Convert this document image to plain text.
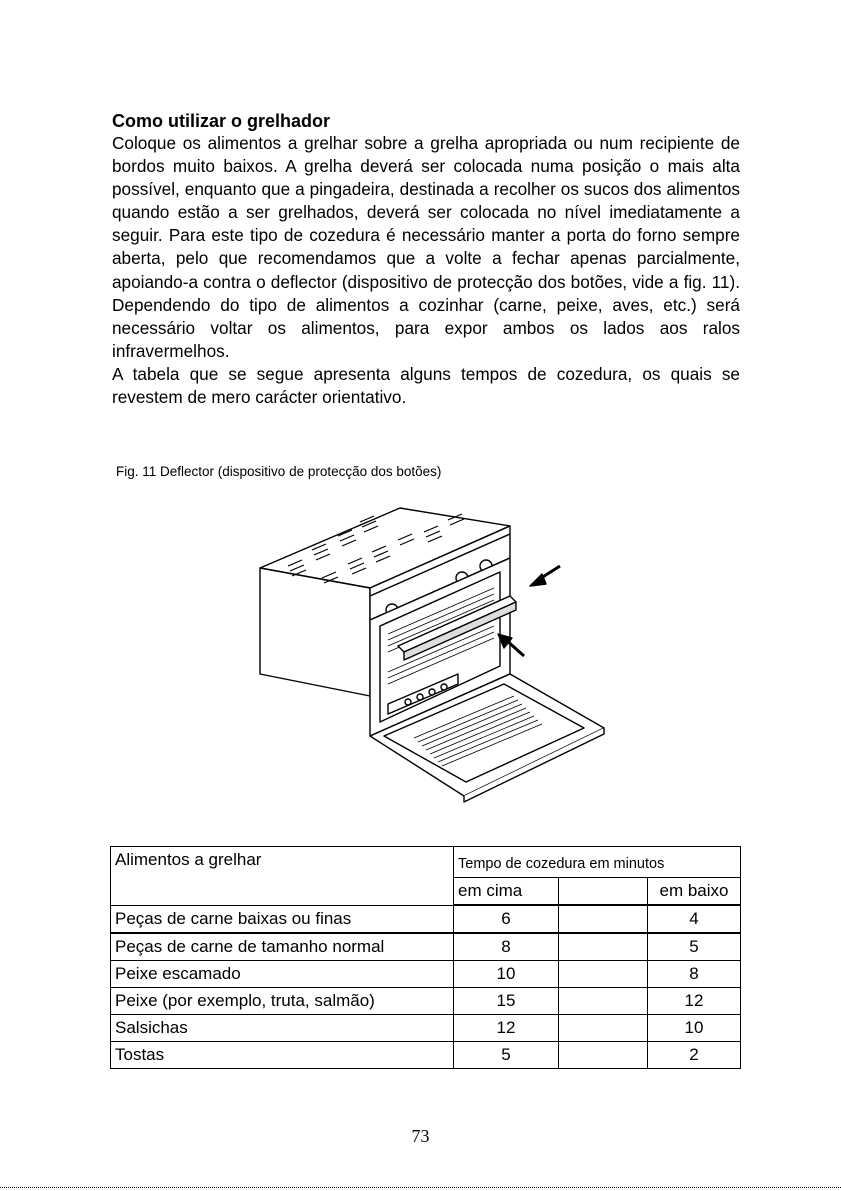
Como utilizar o grelhador

Coloque os alimentos a grelhar sobre a grelha apropriada ou num recipiente de bordos muito baixos. A grelha deverá ser colocada numa posição o mais alta possível, enquanto que a pingadeira, destinada a recolher os sucos dos alimentos quando estão a ser grelhados, deverá ser colocada no nível imediatamente a seguir. Para este tipo de cozedura é necessário manter a porta do forno sempre aberta, pelo que recomendamos que a volte a fechar apenas parcialmente, apoiando-a contra o deflector (dispositivo de protecção dos botões, vide a fig. 11). Dependendo do tipo de alimentos a cozinhar (carne, peixe, aves, etc.) será necessário voltar os alimentos, para expor ambos os lados aos ralos infravermelhos.

A tabela que se segue apresenta alguns tempos de cozedura, os quais se revestem de mero carácter orientativo.

Fig. 11 Deflector (dispositivo de protecção dos botões)
Alimentos a grelhar	Tempo de cozedura em minutos		
	em cima		em baixo
Peças de carne baixas ou finas	6		4
Peças de carne de tamanho normal	8		5
Peixe escamado	10		8
Peixe (por exemplo, truta, salmão)	15		12
Salsichas	12		10
Tostas	5		2
73
